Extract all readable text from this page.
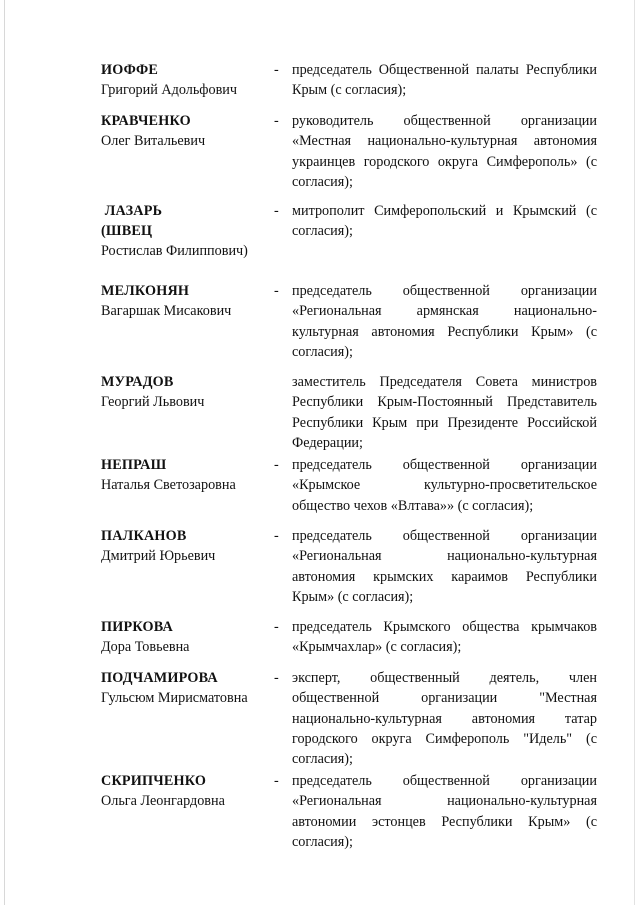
ИОФФЕ
Григорий Адольфович
- председатель Общественной палаты Республики Крым (с согласия);
КРАВЧЕНКО
Олег Витальевич
- руководитель общественной организации «Местная национально-культурная автономия украинцев городского округа Симферополь» (с согласия);
ЛАЗАРЬ
(ШВЕЦ
Ростислав Филиппович)
- митрополит Симферопольский и Крымский (с согласия);
МЕЛКОНЯН
Вагаршак Мисакович
- председатель общественной организации «Региональная армянская национально-культурная автономия Республики Крым» (с согласия);
МУРАДОВ
Георгий Львович
заместитель Председателя Совета министров Республики Крым-Постоянный Представитель Республики Крым при Президенте Российской Федерации;
НЕПРАШ
Наталья Светозаровна
- председатель общественной организации «Крымское культурно-просветительское общество чехов «Влтава»» (с согласия);
ПАЛКАНОВ
Дмитрий Юрьевич
- председатель общественной организации «Региональная национально-культурная автономия крымских караимов Республики Крым» (с согласия);
ПИРКОВА
Дора Товьевна
- председатель Крымского общества крымчаков «Крымчахлар» (с согласия);
ПОДЧАМИРОВА
Гульсюм Мирисматовна
- эксперт, общественный деятель, член общественной организации "Местная национально-культурная автономия татар городского округа Симферополь "Идель" (с согласия);
СКРИПЧЕНКО
Ольга Леонгардовна
- председатель общественной организации «Региональная национально-культурная автономии эстонцев Республики Крым» (с согласия);
